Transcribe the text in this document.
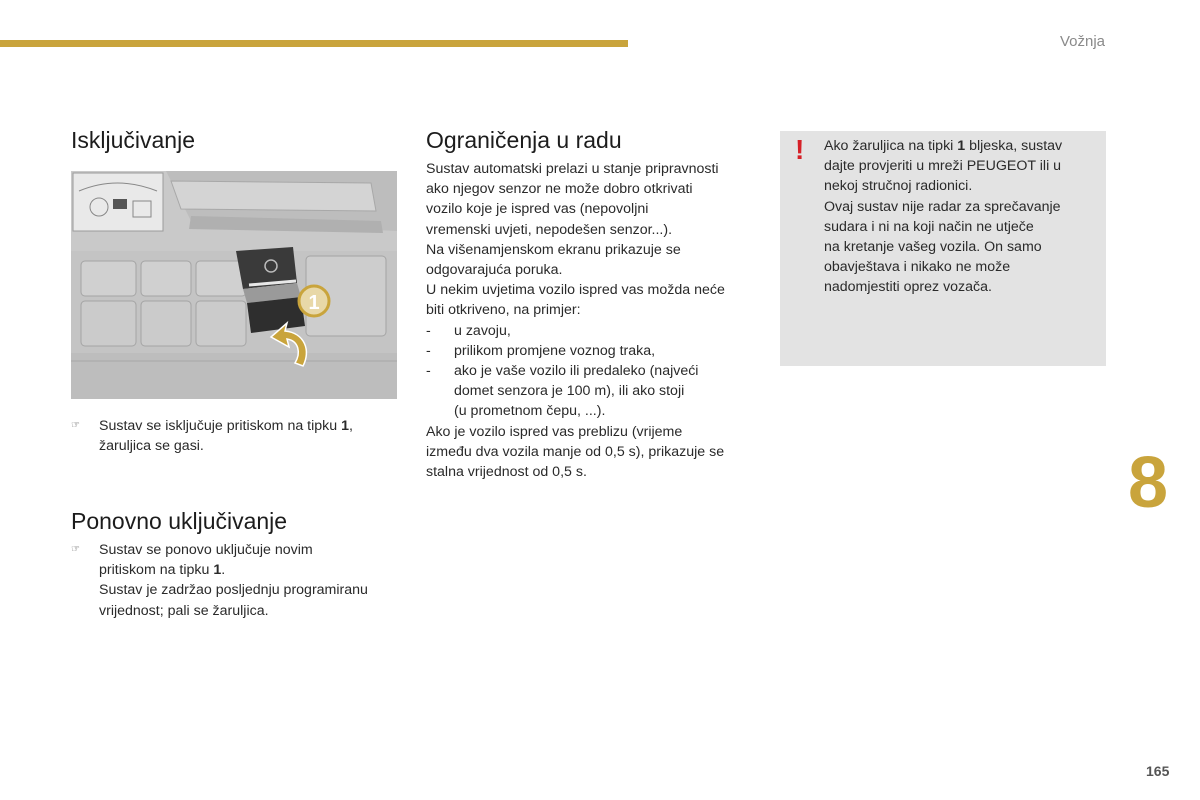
Vožnja
Isključivanje
1
☞ Sustav se isključuje pritiskom na tipku 1,
žaruljica se gasi.
Ponovno uključivanje
☞ Sustav se ponovo uključuje novim
pritiskom na tipku 1.
Sustav je zadržao posljednju programiranu
vrijednost; pali se žaruljica.
Ograničenja u radu
Sustav automatski prelazi u stanje pripravnosti
ako njegov senzor ne može dobro otkrivati
vozilo koje je ispred vas (nepovoljni
vremenski uvjeti, nepodešen senzor...).
Na višenamjenskom ekranu prikazuje se
odgovarajuća poruka.
U nekim uvjetima vozilo ispred vas možda neće
biti otkriveno, na primjer:
- u zavoju,
- prilikom promjene voznog traka,
- ako je vaše vozilo ili predaleko (najveći
domet senzora je 100 m), ili ako stoji
(u prometnom čepu, ...).
Ako je vozilo ispred vas preblizu (vrijeme
između dva vozila manje od 0,5 s), prikazuje se
stalna vrijednost od 0,5 s.
! Ako žaruljica na tipki 1 bljeska, sustav
dajte provjeriti u mreži PEUGEOT ili u
nekoj stručnoj radionici.
Ovaj sustav nije radar za sprečavanje
sudara i ni na koji način ne utječe
na kretanje vašeg vozila. On samo
obavještava i nikako ne može
nadomjestiti oprez vozača.
8
165
